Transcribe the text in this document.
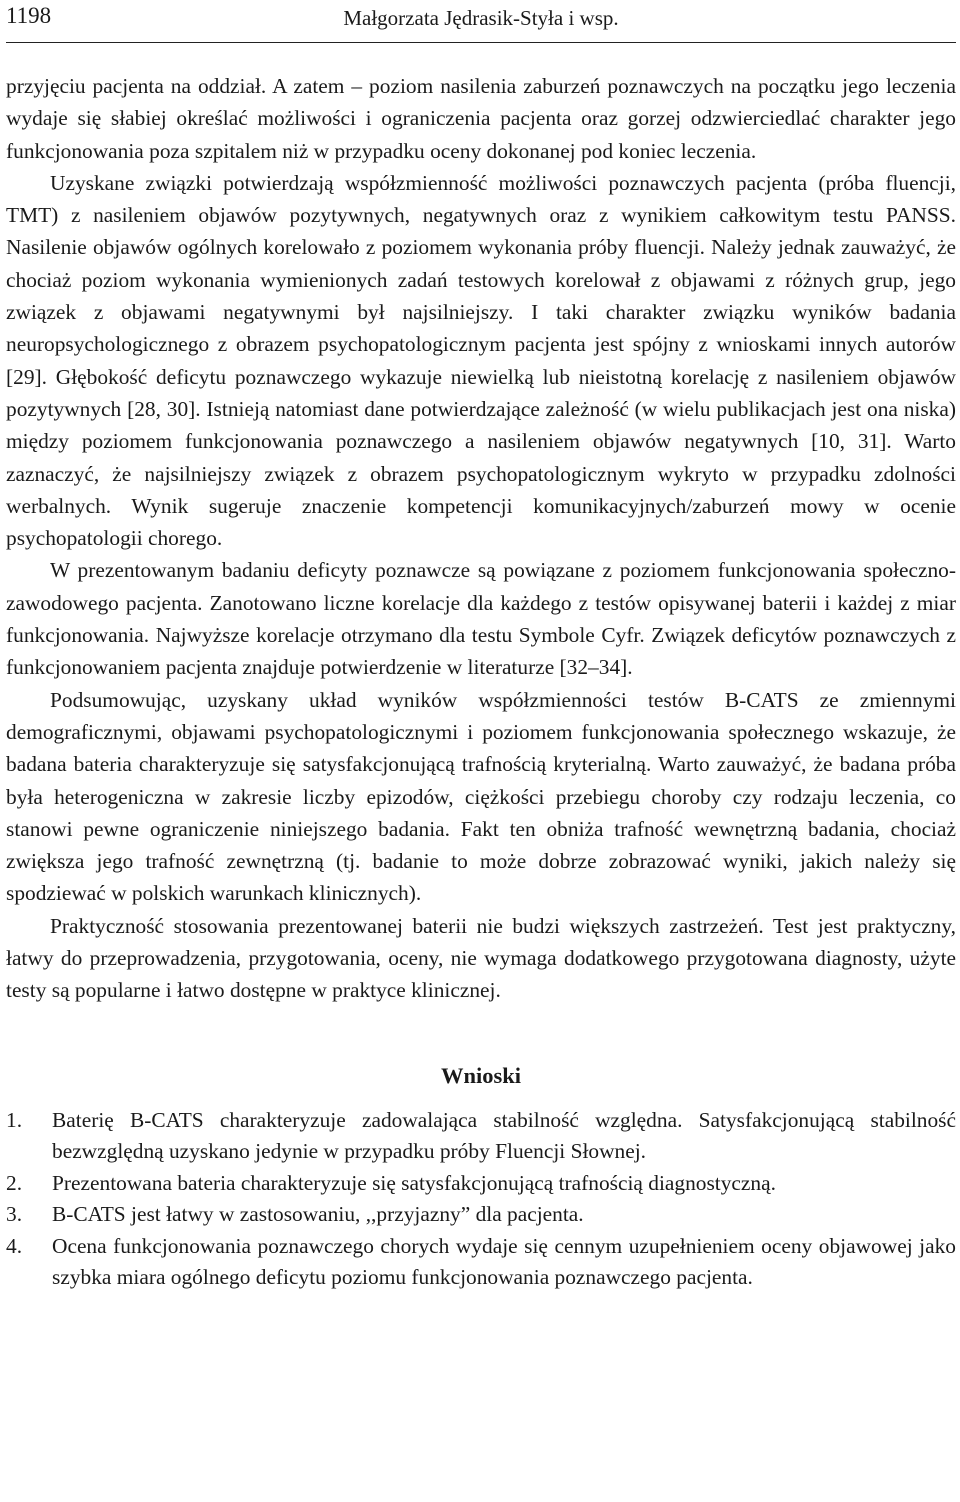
1198	Małgorzata Jędrasik-Styła i wsp.

przyjęciu pacjenta na oddział. A zatem – poziom nasilenia zaburzeń poznawczych na początku jego leczenia wydaje się słabiej określać możliwości i ograniczenia pacjenta oraz gorzej odzwierciedlać charakter jego funkcjonowania poza szpitalem niż w przypadku oceny dokonanej pod koniec leczenia.

Uzyskane związki potwierdzają współzmienność możliwości poznawczych pacjenta (próba fluencji, TMT) z nasileniem objawów pozytywnych, negatywnych oraz z wynikiem całkowitym testu PANSS. Nasilenie objawów ogólnych korelowało z poziomem wykonania próby fluencji. Należy jednak zauważyć, że chociaż poziom wykonania wymienionych zadań testowych korelował z objawami z różnych grup, jego związek z objawami negatywnymi był najsilniejszy. I taki charakter związku wyników badania neuropsychologicznego z obrazem psychopatologicznym pacjenta jest spójny z wnioskami innych autorów [29]. Głębokość deficytu poznawczego wykazuje niewielką lub nieistotną korelację z nasileniem objawów pozytywnych [28, 30]. Istnieją natomiast dane potwierdzające zależność (w wielu publikacjach jest ona niska) między poziomem funkcjonowania poznawczego a nasileniem objawów negatywnych [10, 31]. Warto zaznaczyć, że najsilniejszy związek z obrazem psychopatologicznym wykryto w przypadku zdolności werbalnych. Wynik sugeruje znaczenie kompetencji komunikacyjnych/zaburzeń mowy w ocenie psychopatologii chorego.

W prezentowanym badaniu deficyty poznawcze są powiązane z poziomem funkcjonowania społeczno-zawodowego pacjenta. Zanotowano liczne korelacje dla każdego z testów opisywanej baterii i każdej z miar funkcjonowania. Najwyższe korelacje otrzymano dla testu Symbole Cyfr. Związek deficytów poznawczych z funkcjonowaniem pacjenta znajduje potwierdzenie w literaturze [32–34].

Podsumowując, uzyskany układ wyników współzmienności testów B-CATS ze zmiennymi demograficznymi, objawami psychopatologicznymi i poziomem funkcjonowania społecznego wskazuje, że badana bateria charakteryzuje się satysfakcjonującą trafnością kryterialną. Warto zauważyć, że badana próba była heterogeniczna w zakresie liczby epizodów, ciężkości przebiegu choroby czy rodzaju leczenia, co stanowi pewne ograniczenie niniejszego badania. Fakt ten obniża trafność wewnętrzną badania, chociaż zwiększa jego trafność zewnętrzną (tj. badanie to może dobrze zobrazować wyniki, jakich należy się spodziewać w polskich warunkach klinicznych).

Praktyczność stosowania prezentowanej baterii nie budzi większych zastrzeżeń. Test jest praktyczny, łatwy do przeprowadzenia, przygotowania, oceny, nie wymaga dodatkowego przygotowana diagnosty, użyte testy są popularne i łatwo dostępne w praktyce klinicznej.

Wnioski
1. Baterię B-CATS charakteryzuje zadowalająca stabilność względna. Satysfakcjonującą stabilność bezwzględną uzyskano jedynie w przypadku próby Fluencji Słownej.
2. Prezentowana bateria charakteryzuje się satysfakcjonującą trafnością diagnostyczną.
3. B-CATS jest łatwy w zastosowaniu, ,,przyjazny” dla pacjenta.
4. Ocena funkcjonowania poznawczego chorych wydaje się cennym uzupełnieniem oceny objawowej jako szybka miara ogólnego deficytu poziomu funkcjonowania poznawczego pacjenta.
